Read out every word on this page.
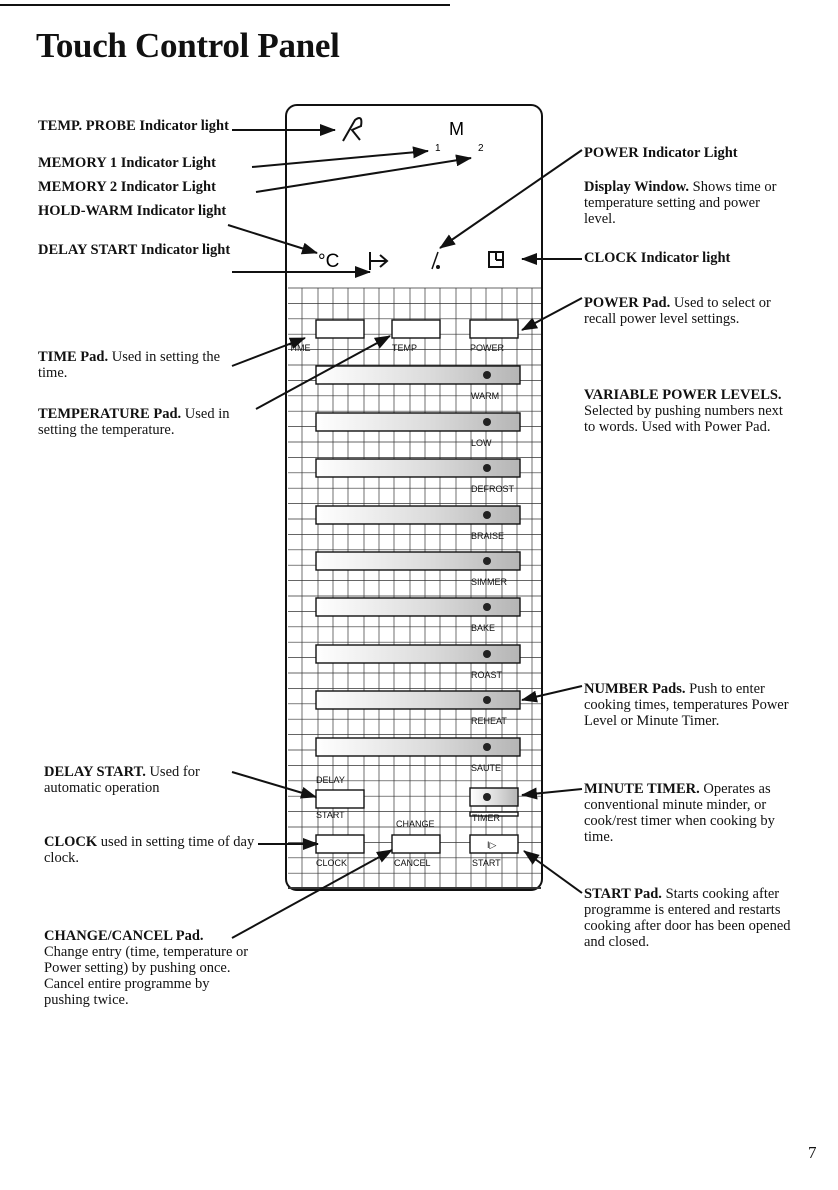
Touch Control Panel
TEMP. PROBE Indicator light
MEMORY 1 Indicator Light
MEMORY 2 Indicator Light
HOLD-WARM Indicator light
DELAY START Indicator light
TIME Pad. Used in setting the time.
TEMPERATURE Pad. Used in setting the temperature.
DELAY START. Used for automatic operation
CLOCK used in setting time of day clock.
CHANGE/CANCEL Pad.
Change entry (time, temperature or Power setting) by pushing once. Cancel entire programme by pushing twice.
POWER Indicator Light
Display Window. Shows time or temperature setting and power level.
CLOCK Indicator light
POWER Pad. Used to select or recall power level settings.
VARIABLE POWER LEVELS. Selected by pushing numbers next to words. Used with Power Pad.
NUMBER Pads. Push to enter cooking times, temperatures Power Level or Minute Timer.
MINUTE TIMER. Operates as conventional minute minder, or cook/rest timer when cooking by time.
START Pad. Starts cooking after programme is entered and restarts cooking after door has been opened and closed.
M
1	2
°C
TIME	TEMP	POWER
WARM
LOW
DEFROST
BRAISE
SIMMER
BAKE
ROAST
REHEAT
SAUTE
DELAY
START	TIMER
CHANGE
CLOCK	CANCEL
I▷
START
7
